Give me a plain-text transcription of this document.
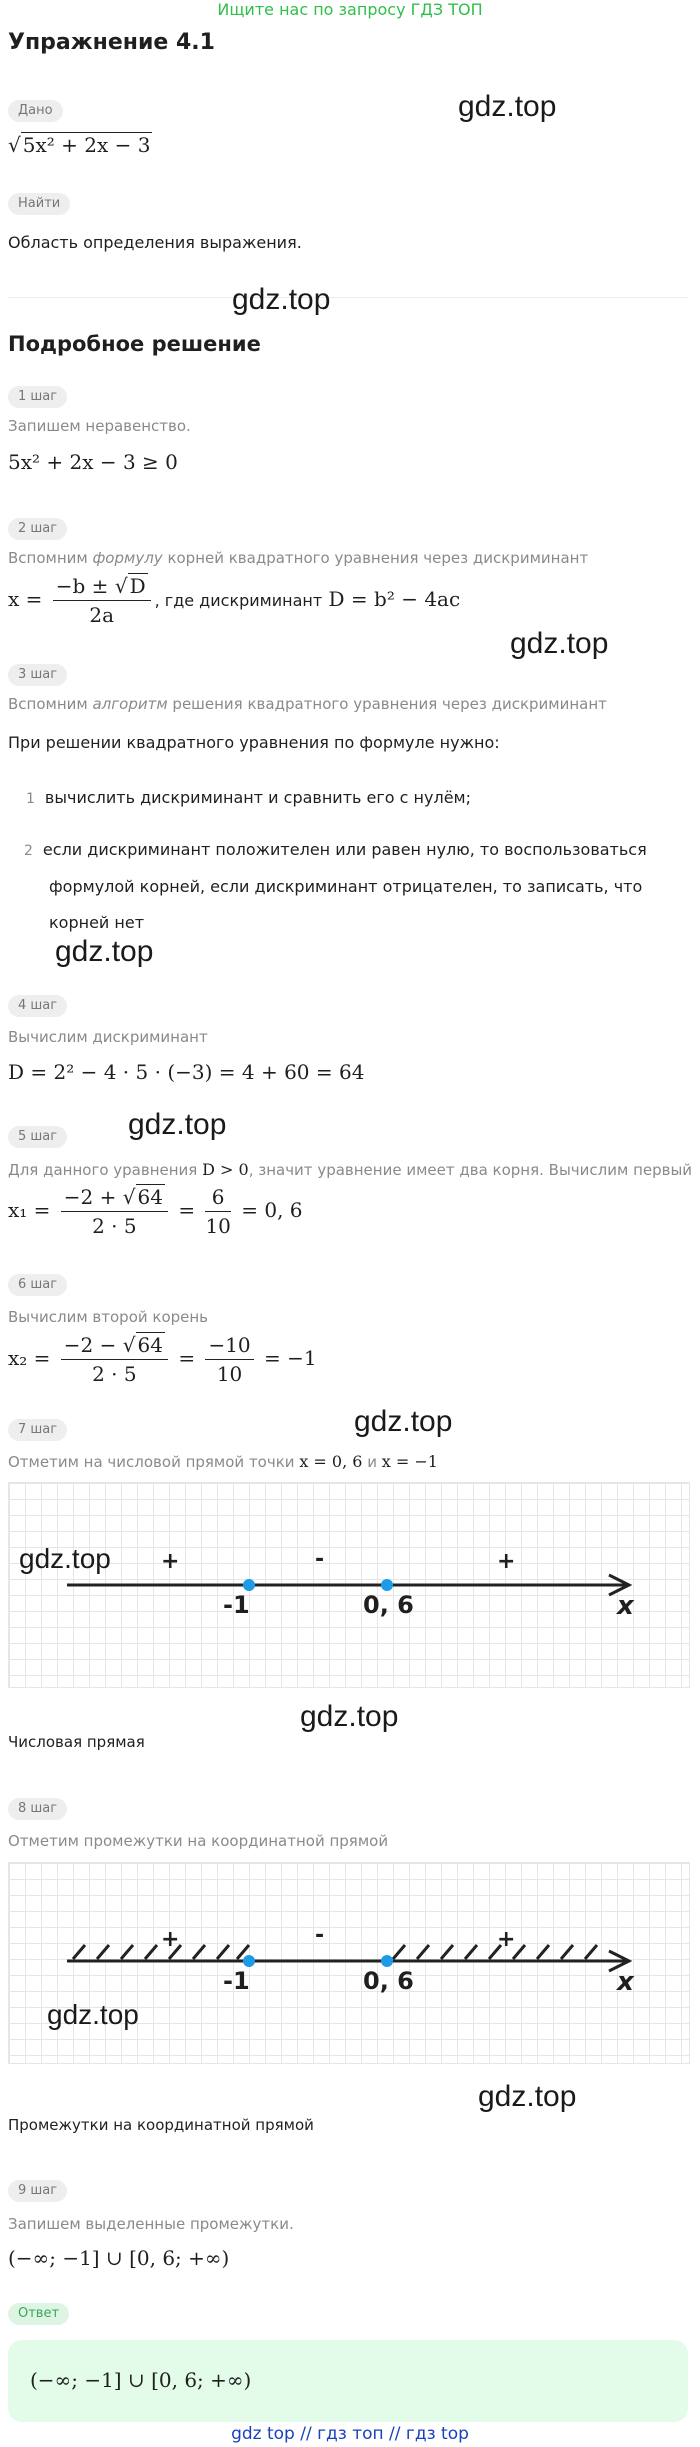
Ищите нас по запросу ГДЗ ТОП
Упражнение 4.1
Дано
√ 5x² + 2x − 3
gdz.top
Найти
Область определения выражения.
gdz.top
Подробное решение
1 шаг
Запишем неравенство.
5x² + 2x − 3 ≥ 0
2 шаг
Вспомним формулу корней квадратного уравнения через дискриминант
$x = \frac{-b \pm √ D}{2a}$ , где дискриминант D = b² − 4ac
gdz.top
3 шаг
Вспомним алгоритм решения квадратного уравнения через дискриминант
При решении квадратного уравнения по формуле нужно:
1 вычислить дискриминант и сравнить его с нулём;
2 если дискриминант положителен или равен нулю, то воспользоваться
формулой корней, если дискриминант отрицателен, то записать, что
корней нет
gdz.top
4 шаг
Вычислим дискриминант
D = 2² − 4 · 5 · (−3) = 4 + 60 = 64
gdz.top
5 шаг
Для данного уравнения D > 0, значит уравнение имеет два корня. Вычислим первый
$x_1 = \frac{-2 + √ 64}{2 \cdot 5} = \frac{6}{10} = 0$, 6
6 шаг
Вычислим второй корень
$x_2 = \frac{-2 - √ 64}{2 \cdot 5} = \frac{-10}{10} = -1$
gdz.top
7 шаг
Отметим на числовой прямой точки x = 0, 6 и x = −1
gdz.top +	-	+
-1	0, 6	x
gdz.top
Числовая прямая
8 шаг
Отметим промежутки на координатной прямой
+	-	+
-1	0, 6	x
gdz.top
gdz.top
Промежутки на координатной прямой
9 шаг
Запишем выделенные промежутки.
(−∞; −1] ∪ [0, 6; +∞)
Ответ
(−∞; −1] ∪ [0, 6; +∞)
gdz top // гдз топ // гдз top
